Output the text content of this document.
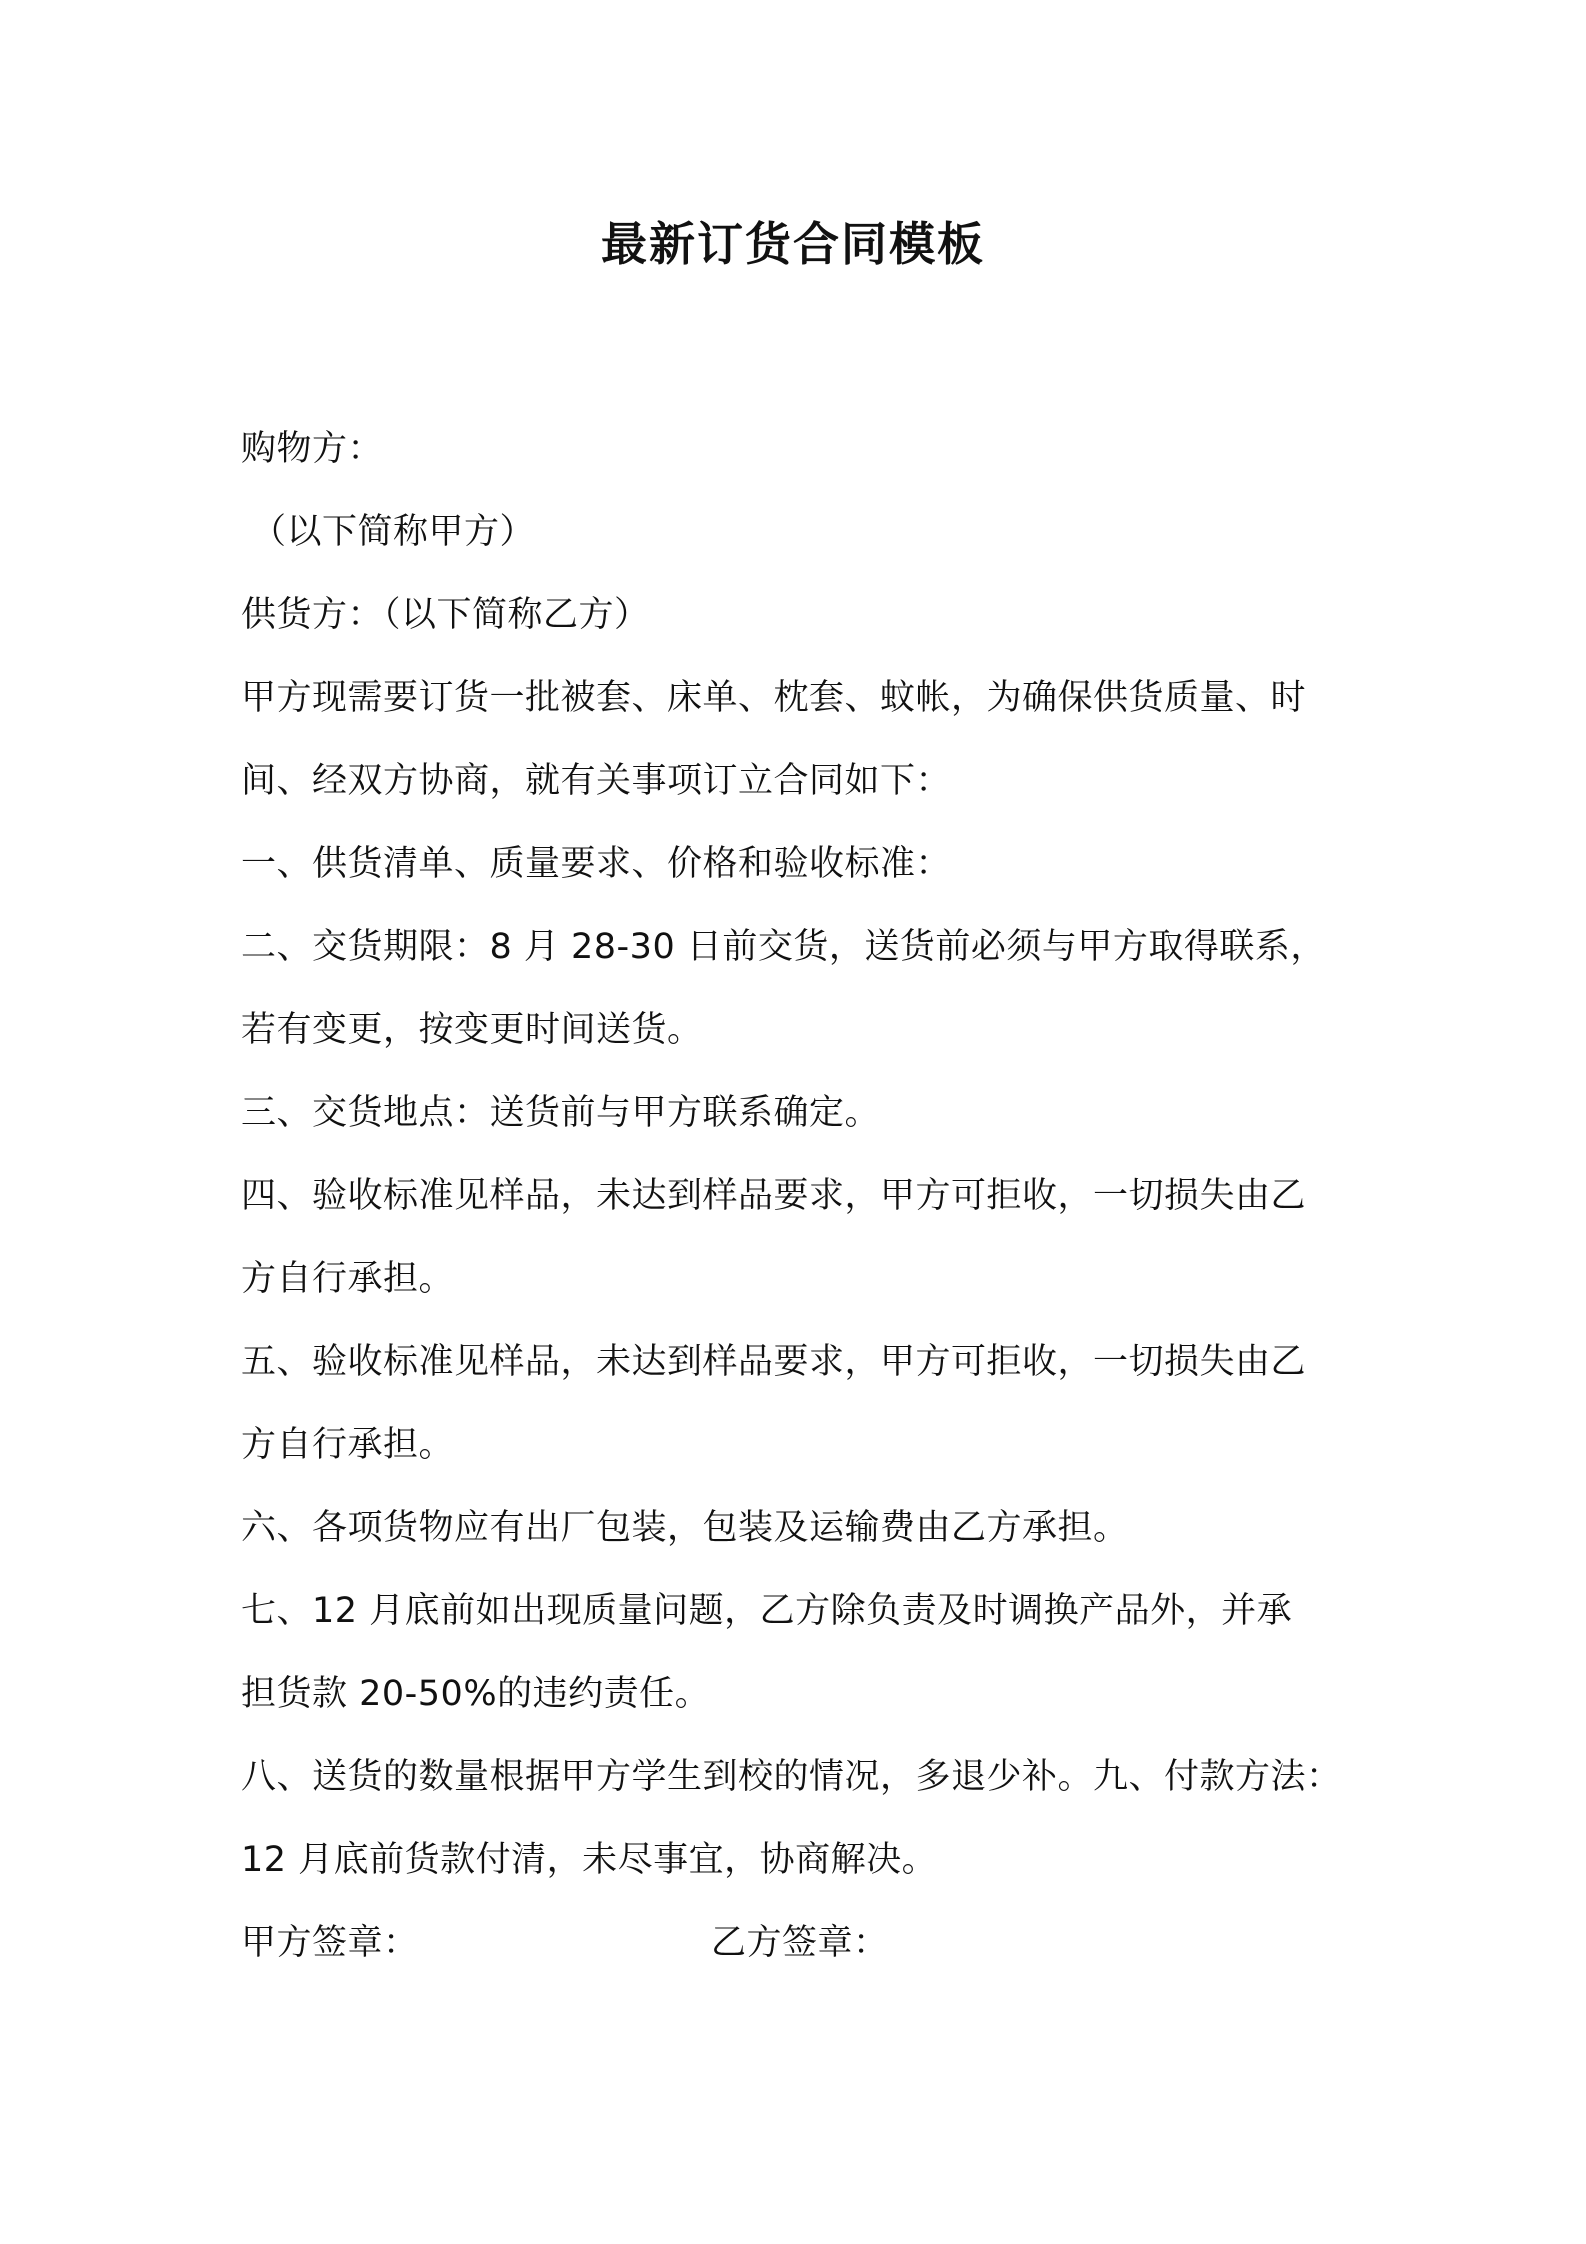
最新订货合同模板
购物方：
（以下简称甲方）
供货方：（以下简称乙方）
甲方现需要订货一批被套、床单、枕套、蚊帐，为确保供货质量、时
间、经双方协商，就有关事项订立合同如下：
一、供货清单、质量要求、价格和验收标准：
二、交货期限：8 月 28-30 日前交货，送货前必须与甲方取得联系，
若有变更，按变更时间送货。
三、交货地点：送货前与甲方联系确定。
四、验收标准见样品，未达到样品要求，甲方可拒收，一切损失由乙
方自行承担。
五、验收标准见样品，未达到样品要求，甲方可拒收，一切损失由乙
方自行承担。
六、各项货物应有出厂包装，包装及运输费由乙方承担。
七、12 月底前如出现质量问题，乙方除负责及时调换产品外，并承
担货款 20-50%的违约责任。
八、送货的数量根据甲方学生到校的情况，多退少补。九、付款方法：
12 月底前货款付清，未尽事宜，协商解决。
甲方签章：	乙方签章：
